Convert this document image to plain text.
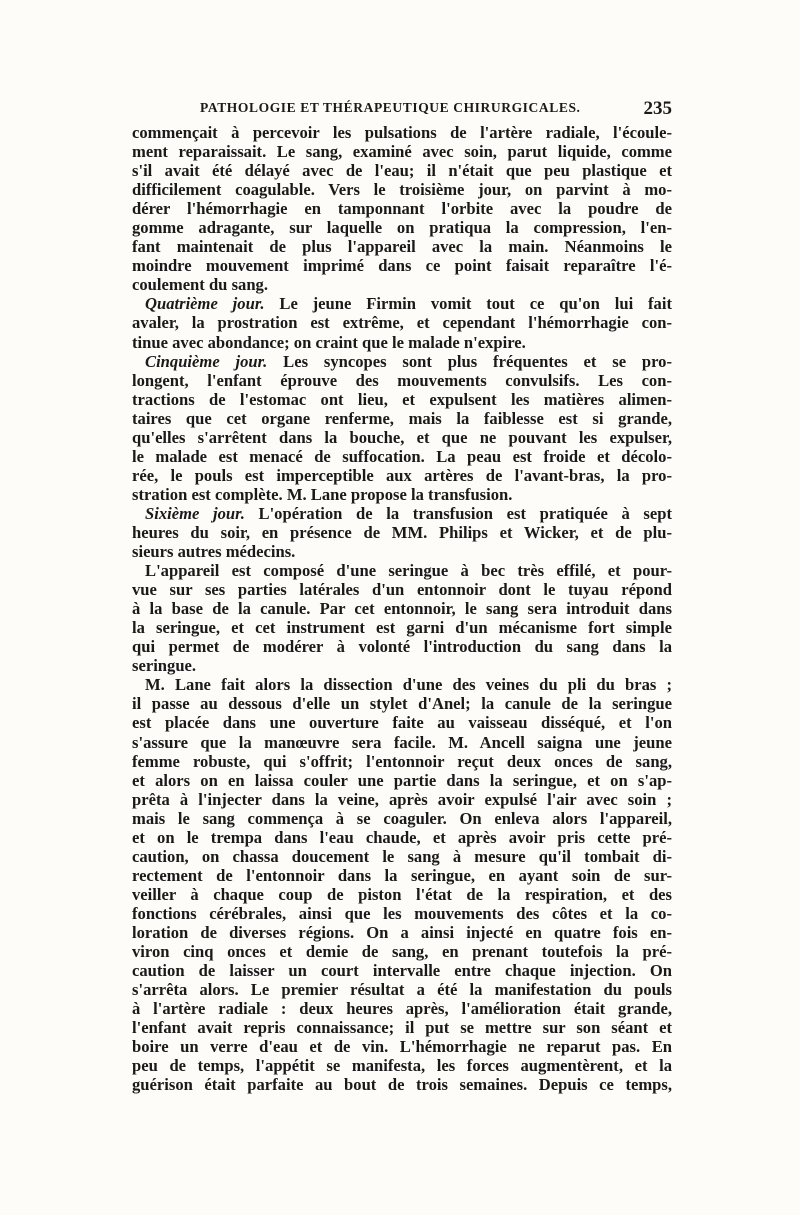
PATHOLOGIE ET THÉRAPEUTIQUE CHIRURGICALES.	235
commençait à percevoir les pulsations de l'artère radiale, l'écoule-
ment reparaissait. Le sang, examiné avec soin, parut liquide, comme
s'il avait été délayé avec de l'eau; il n'était que peu plastique et
difficilement coagulable. Vers le troisième jour, on parvint à mo-
dérer l'hémorrhagie en tamponnant l'orbite avec la poudre de
gomme adragante, sur laquelle on pratiqua la compression, l'en-
fant maintenait de plus l'appareil avec la main. Néanmoins le
moindre mouvement imprimé dans ce point faisait reparaître l'é-
coulement du sang.
Quatrième jour. Le jeune Firmin vomit tout ce qu'on lui fait
avaler, la prostration est extrême, et cependant l'hémorrhagie con-
tinue avec abondance; on craint que le malade n'expire.
Cinquième jour. Les syncopes sont plus fréquentes et se pro-
longent, l'enfant éprouve des mouvements convulsifs. Les con-
tractions de l'estomac ont lieu, et expulsent les matières alimen-
taires que cet organe renferme, mais la faiblesse est si grande,
qu'elles s'arrêtent dans la bouche, et que ne pouvant les expulser,
le malade est menacé de suffocation. La peau est froide et décolo-
rée, le pouls est imperceptible aux artères de l'avant-bras, la pro-
stration est complète. M. Lane propose la transfusion.
Sixième jour. L'opération de la transfusion est pratiquée à sept
heures du soir, en présence de MM. Philips et Wicker, et de plu-
sieurs autres médecins.
L'appareil est composé d'une seringue à bec très effilé, et pour-
vue sur ses parties latérales d'un entonnoir dont le tuyau répond
à la base de la canule. Par cet entonnoir, le sang sera introduit dans
la seringue, et cet instrument est garni d'un mécanisme fort simple
qui permet de modérer à volonté l'introduction du sang dans la
seringue.
M. Lane fait alors la dissection d'une des veines du pli du bras ;
il passe au dessous d'elle un stylet d'Anel; la canule de la seringue
est placée dans une ouverture faite au vaisseau disséqué, et l'on
s'assure que la manœuvre sera facile. M. Ancell saigna une jeune
femme robuste, qui s'offrit; l'entonnoir reçut deux onces de sang,
et alors on en laissa couler une partie dans la seringue, et on s'ap-
prêta à l'injecter dans la veine, après avoir expulsé l'air avec soin ;
mais le sang commença à se coaguler. On enleva alors l'appareil,
et on le trempa dans l'eau chaude, et après avoir pris cette pré-
caution, on chassa doucement le sang à mesure qu'il tombait di-
rectement de l'entonnoir dans la seringue, en ayant soin de sur-
veiller à chaque coup de piston l'état de la respiration, et des
fonctions cérébrales, ainsi que les mouvements des côtes et la co-
loration de diverses régions. On a ainsi injecté en quatre fois en-
viron cinq onces et demie de sang, en prenant toutefois la pré-
caution de laisser un court intervalle entre chaque injection. On
s'arrêta alors. Le premier résultat a été la manifestation du pouls
à l'artère radiale : deux heures après, l'amélioration était grande,
l'enfant avait repris connaissance; il put se mettre sur son séant et
boire un verre d'eau et de vin. L'hémorrhagie ne reparut pas. En
peu de temps, l'appétit se manifesta, les forces augmentèrent, et la
guérison était parfaite au bout de trois semaines. Depuis ce temps,
